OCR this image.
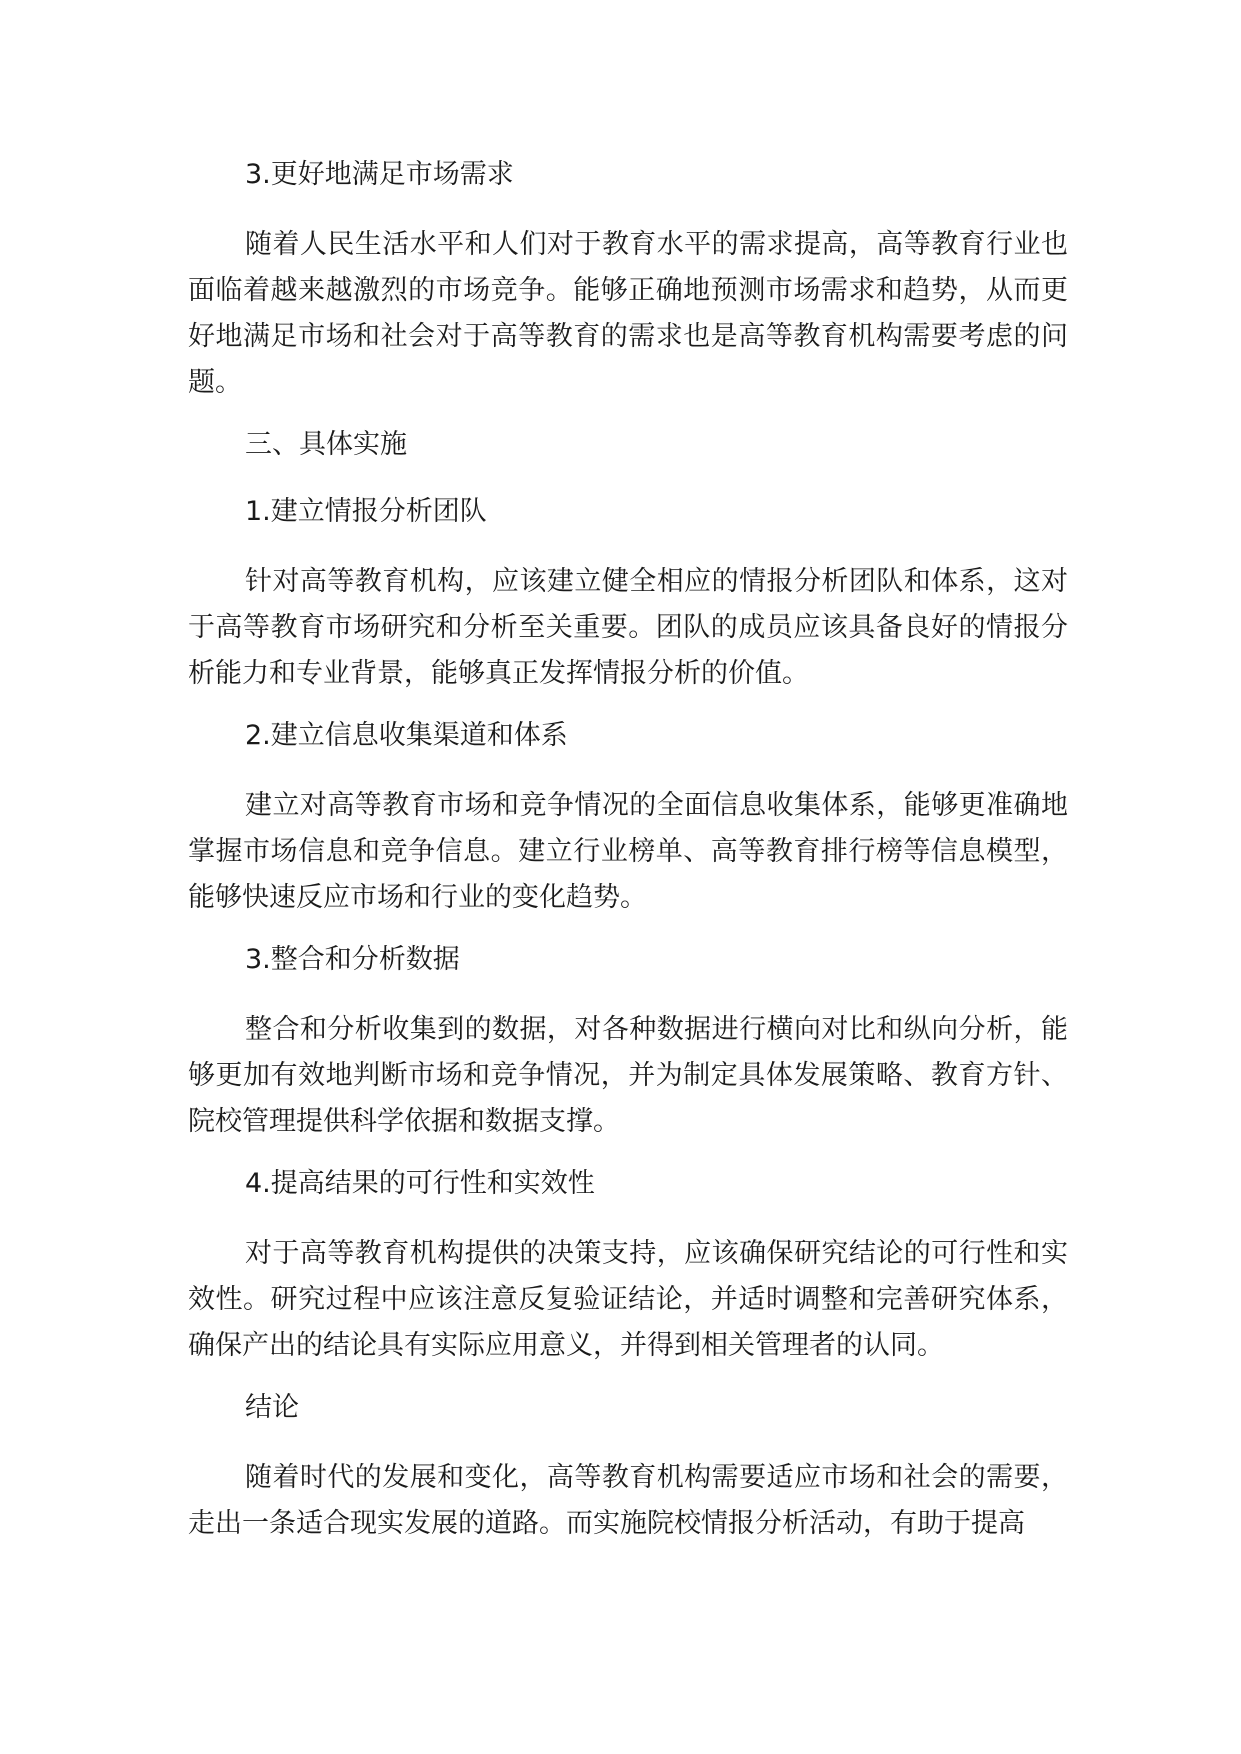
3.更好地满足市场需求

随着人民生活水平和人们对于教育水平的需求提高，高等教育行业也面临着越来越激烈的市场竞争。能够正确地预测市场需求和趋势，从而更好地满足市场和社会对于高等教育的需求也是高等教育机构需要考虑的问题。

三、具体实施

1.建立情报分析团队

针对高等教育机构，应该建立健全相应的情报分析团队和体系，这对于高等教育市场研究和分析至关重要。团队的成员应该具备良好的情报分析能力和专业背景，能够真正发挥情报分析的价值。

2.建立信息收集渠道和体系

建立对高等教育市场和竞争情况的全面信息收集体系，能够更准确地掌握市场信息和竞争信息。建立行业榜单、高等教育排行榜等信息模型，能够快速反应市场和行业的变化趋势。

3.整合和分析数据

整合和分析收集到的数据，对各种数据进行横向对比和纵向分析，能够更加有效地判断市场和竞争情况，并为制定具体发展策略、教育方针、院校管理提供科学依据和数据支撑。

4.提高结果的可行性和实效性

对于高等教育机构提供的决策支持，应该确保研究结论的可行性和实效性。研究过程中应该注意反复验证结论，并适时调整和完善研究体系，确保产出的结论具有实际应用意义，并得到相关管理者的认同。

结论

随着时代的发展和变化，高等教育机构需要适应市场和社会的需要，走出一条适合现实发展的道路。而实施院校情报分析活动，有助于提高
